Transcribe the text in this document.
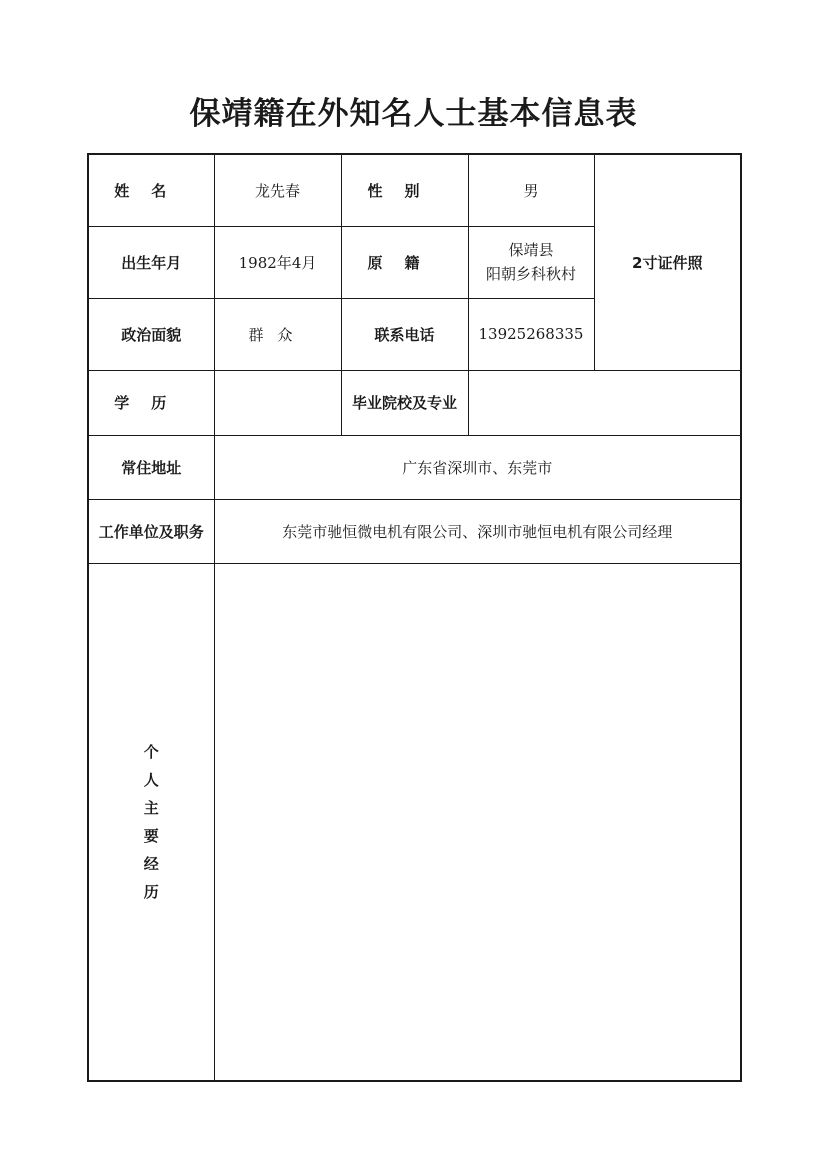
保靖籍在外知名人士基本信息表
姓名	龙先春	性别	男	2寸证件照
出生年月	1982年4月	原籍	保靖县
阳朝乡科秋村	

政治面貌	群众	联系电话	13925268335	
学历		毕业院校及专业		
常住地址	广东省深圳市、东莞市			
工作单位及职务	东莞市驰恒微电机有限公司、深圳市驰恒电机有限公司经理			
个人主要经历				
